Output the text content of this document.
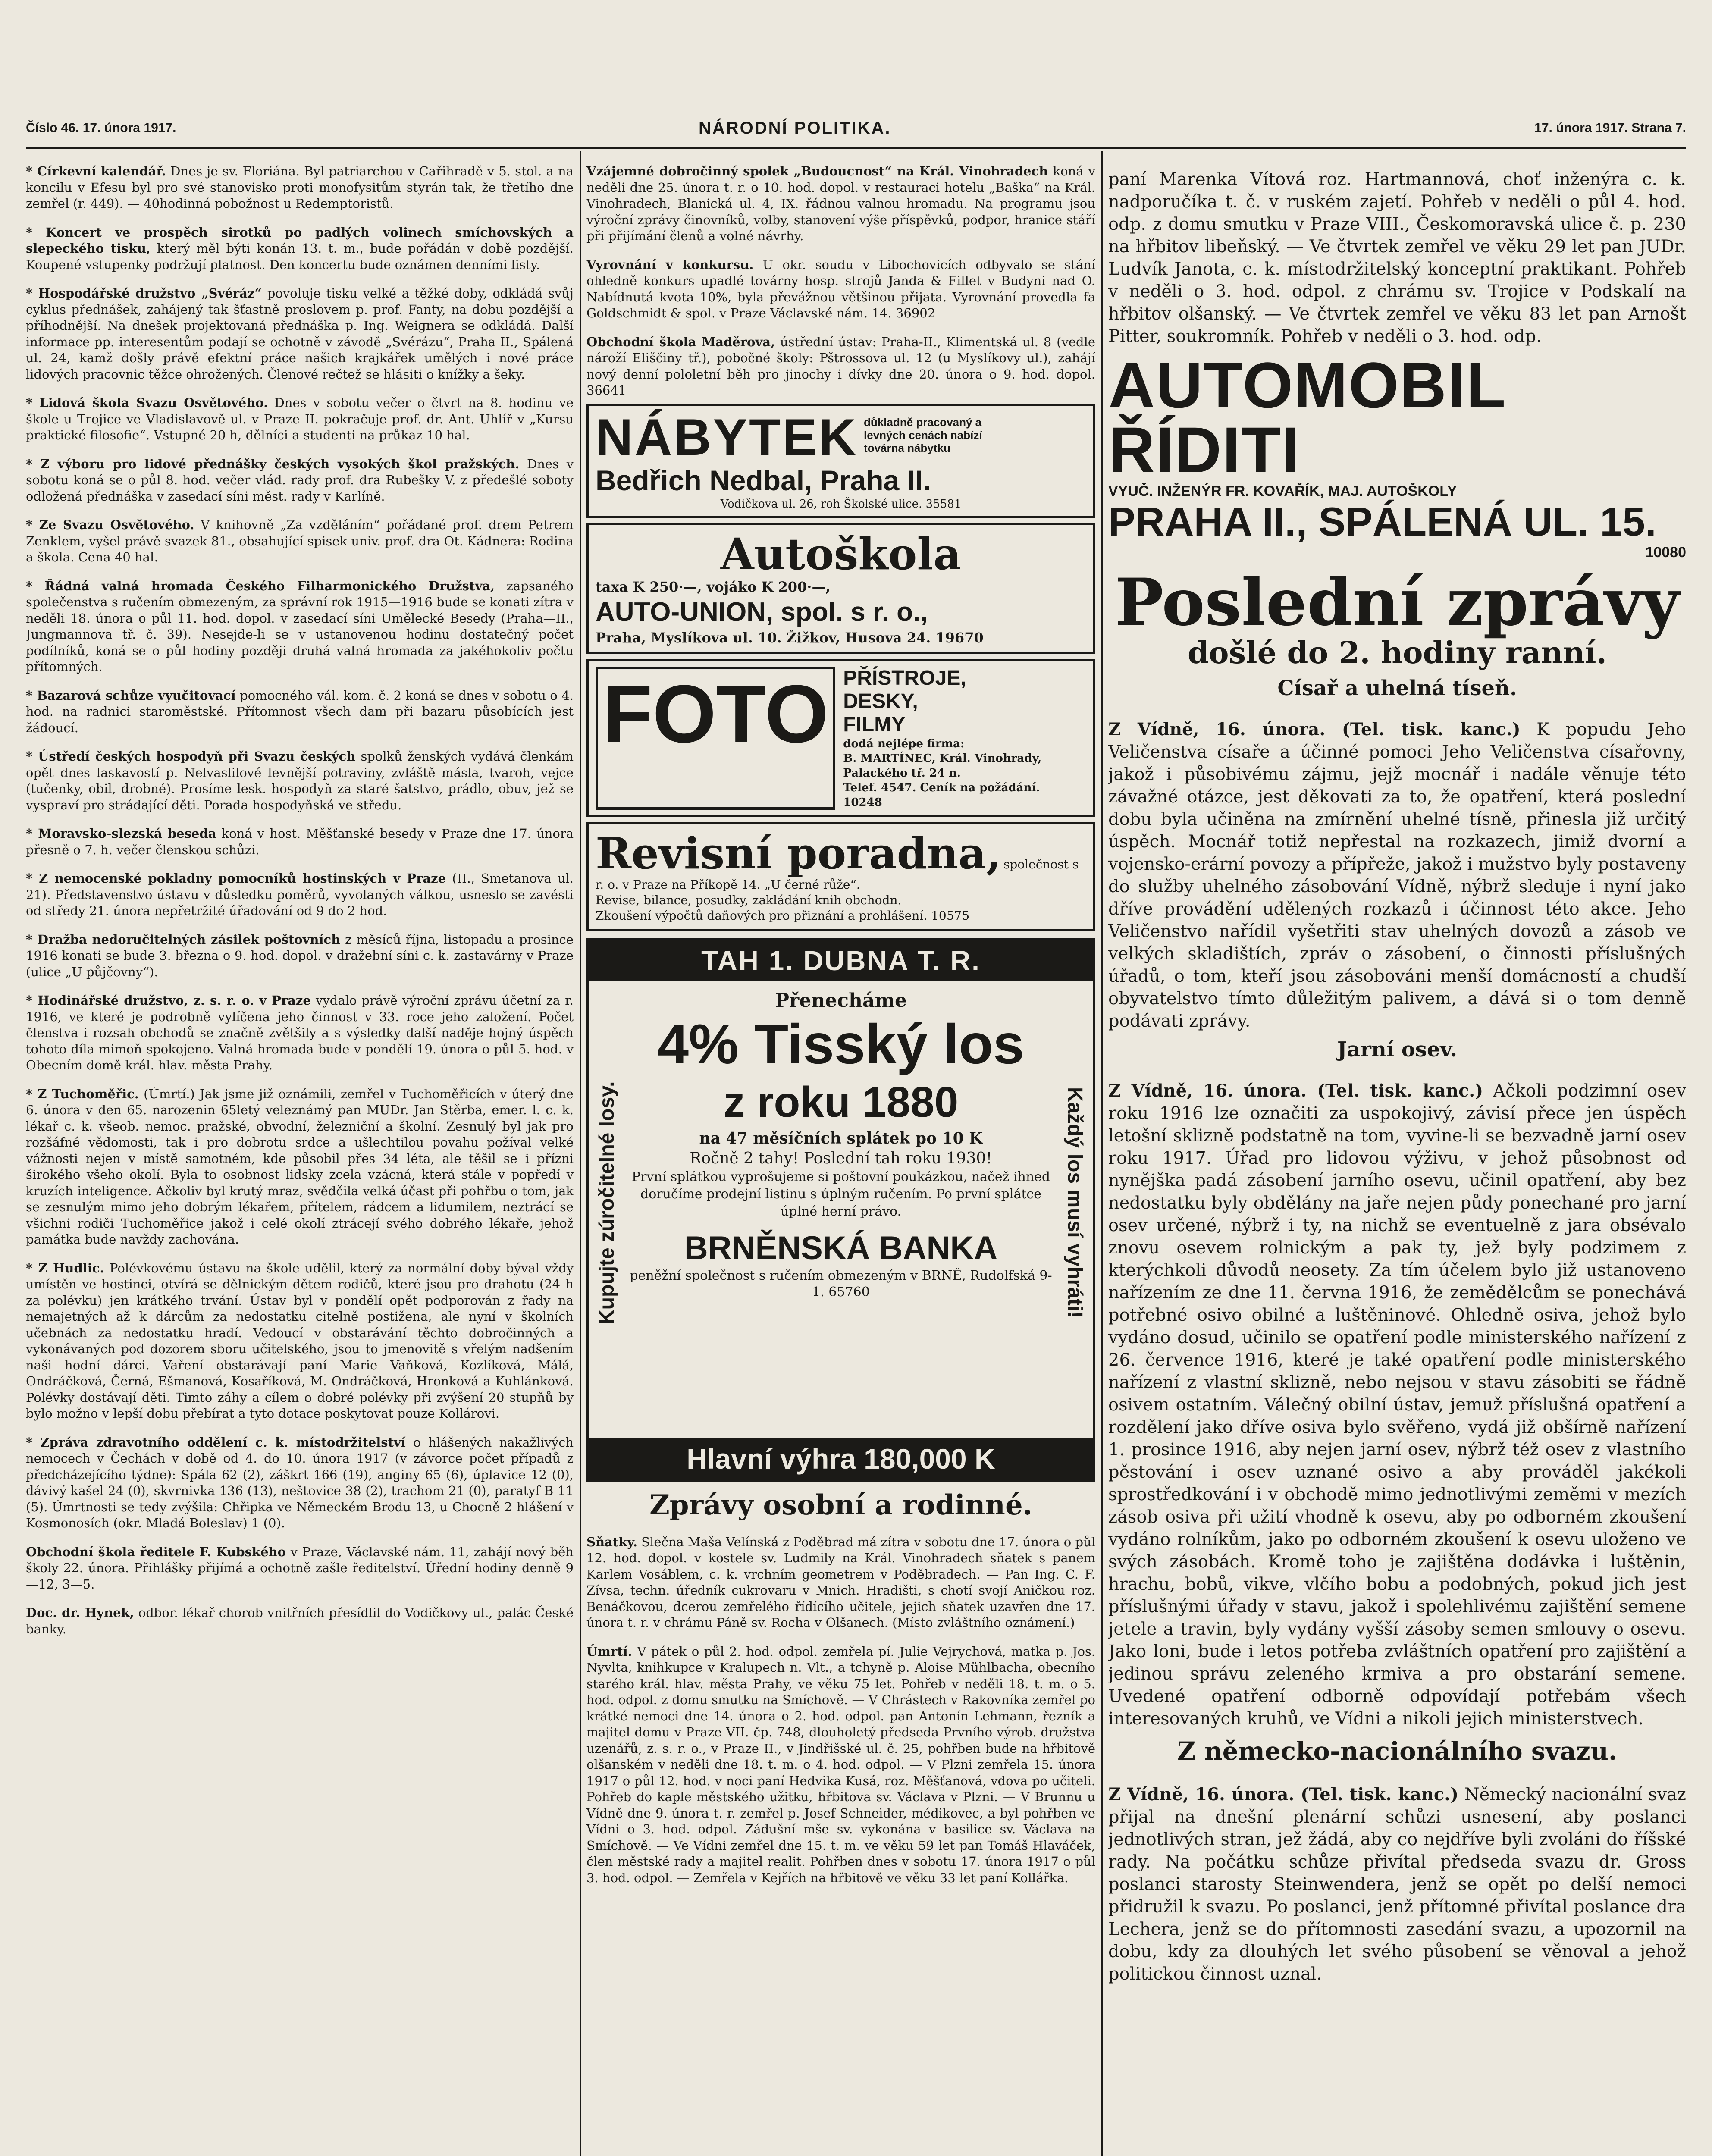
Číslo 46. 17. února 1917.	NÁRODNÍ POLITIKA.	17. února 1917. Strana 7.

* Církevní kalendář. Dnes je sv. Floriána. Byl patriarchou v Cařihradě v 5. stol. a na koncilu v Efesu byl pro své stanovisko proti monofysitům styrán tak, že třetího dne zemřel (r. 449). — 40hodinná pobožnost u Redemptoristů.

* Koncert ve prospěch sirotků po padlých volinech smíchovských a slepeckého tisku, který měl býti konán 13. t. m., bude pořádán v době pozdější. Koupené vstupenky podržují platnost. Den koncertu bude oznámen denními listy.

* Hospodářské družstvo „Svéráz“ povoluje tisku velké a těžké doby, odkládá svůj cyklus přednášek, zahájený tak šťastně proslovem p. prof. Fanty, na dobu pozdější a příhodnější. Na dnešek projektovaná přednáška p. Ing. Weignera se odkládá. Další informace pp. interesentům podají se ochotně v závodě „Svérázu“, Praha II., Spálená ul. 24, kamž došly právě efektní práce našich krajkářek umělých i nové práce lidových pracovnic těžce ohrožených. Členové rečtež se hlásiti o knížky a šeky.

* Lidová škola Svazu Osvětového. Dnes v sobotu večer o čtvrt na 8. hodinu ve škole u Trojice ve Vladislavově ul. v Praze II. pokračuje prof. dr. Ant. Uhlíř v „Kursu praktické filosofie“. Vstupné 20 h, dělníci a studenti na průkaz 10 hal.

* Z výboru pro lidové přednášky českých vysokých škol pražských. Dnes v sobotu koná se o půl 8. hod. večer vlád. rady prof. dra Rubešky V. z předešlé soboty odložená přednáška v zasedací síni měst. rady v Karlíně.

* Ze Svazu Osvětového. V knihovně „Za vzděláním“ pořádané prof. drem Petrem Zenklem, vyšel právě svazek 81., obsahující spisek univ. prof. dra Ot. Kádnera: Rodina a škola. Cena 40 hal.

* Řádná valná hromada Českého Filharmonického Družstva, zapsaného společenstva s ručením obmezeným, za správní rok 1915—1916 bude se konati zítra v neděli 18. února o půl 11. hod. dopol. v zasedací síni Umělecké Besedy (Praha—II., Jungmannova tř. č. 39). Nesejde-li se v ustanovenou hodinu dostatečný počet podílníků, koná se o půl hodiny později druhá valná hromada za jakéhokoliv počtu přítomných.

* Bazarová schůze vyučitovací pomocného vál. kom. č. 2 koná se dnes v sobotu o 4. hod. na radnici staroměstské. Přítomnost všech dam při bazaru působících jest žádoucí.

* Ústředí českých hospodyň při Svazu českých spolků ženských vydává členkám opět dnes laskavostí p. Nelvaslilové levnější potraviny, zvláště másla, tvaroh, vejce (tučenky, obil, drobné). Prosíme lesk. hospodyň za staré šatstvo, prádlo, obuv, jež se vyspraví pro strádající děti. Porada hospodyňská ve středu.

* Moravsko-slezská beseda koná v host. Měšťanské besedy v Praze dne 17. února přesně o 7. h. večer členskou schůzi.

* Z nemocenské pokladny pomocníků hostinských v Praze (II., Smetanova ul. 21). Představenstvo ústavu v důsledku poměrů, vyvolaných válkou, usneslo se zavésti od středy 21. února nepřetržité úřadování od 9 do 2 hod.

* Dražba nedoručitelných zásilek poštovních z měsíců října, listopadu a prosince 1916 konati se bude 3. března o 9. hod. dopol. v dražební síni c. k. zastavárny v Praze (ulice „U půjčovny“).

* Hodinářské družstvo, z. s. r. o. v Praze vydalo právě výroční zprávu účetní za r. 1916, ve které je podrobně vylíčena jeho činnost v 33. roce jeho založení. Počet členstva i rozsah obchodů se značně zvětšily a s výsledky další naděje hojný úspěch tohoto díla mimoň spokojeno. Valná hromada bude v pondělí 19. února o půl 5. hod. v Obecním domě král. hlav. města Prahy.

* Z Tuchoměřic. (Úmrtí.) Jak jsme již oznámili, zemřel v Tuchoměřicích v úterý dne 6. února v den 65. narozenin 65letý veleznámý pan MUDr. Jan Stěrba, emer. l. c. k. lékař c. k. všeob. nemoc. pražské, obvodní, železniční a školní. Zesnulý byl jak pro rozšáfné vědomosti, tak i pro dobrotu srdce a ušlechtilou povahu požíval velké vážnosti nejen v místě samotném, kde působil přes 34 léta, ale těšil se i přízni širokého všeho okolí. Byla to osobnost lidsky zcela vzácná, která stále v popředí v kruzích inteligence. Ačkoliv byl krutý mraz, svědčila velká účast při pohřbu o tom, jak se zesnulým mimo jeho dobrým lékařem, přítelem, rádcem a lidumilem, neztrácí se všichni rodiči Tuchoměřice jakož i celé okolí ztrácejí svého dobrého lékaře, jehož památka bude navždy zachována.

* Z Hudlic. Polévkovému ústavu na škole udělil, který za normální doby býval vždy umístěn ve hostinci, otvírá se dělnickým dětem rodičů, které jsou pro drahotu (24 h za polévku) jen krátkého trvání. Ústav byl v pondělí opět podporován z řady na nemajetných až k dárcům za nedostatku citelně postižena, ale nyní v školních učebnách za nedostatku hradí. Vedoucí v obstarávání těchto dobročinných a vykonávaných pod dozorem sboru učitelského, jsou to jmenovitě s vřelým nadšením naši hodní dárci. Vaření obstarávají paní Marie Vaňková, Kozlíková, Málá, Ondráčková, Černá, Ešmanová, Kosaříková, M. Ondráčková, Hronková a Kuhlánková. Polévky dostávají děti. Timto záhy a cílem o dobré polévky při zvýšení 20 stupňů by bylo možno v lepší dobu přebírat a tyto dotace poskytovat pouze Kollárovi.

* Zpráva zdravotního oddělení c. k. místodržitelství o hlášených nakažlivých nemocech v Čechách v době od 4. do 10. února 1917 (v závorce počet případů z předcházejícího týdne): Spála 62 (2), záškrt 166 (19), anginy 65 (6), úplavice 12 (0), dávivý kašel 24 (0), skvrnivka 136 (13), neštovice 38 (2), trachom 21 (0), paratyf B 11 (5). Úmrtnosti se tedy zvýšila: Chřipka ve Německém Brodu 13, u Chocně 2 hlášení v Kosmonosích (okr. Mladá Boleslav) 1 (0).

Obchodní škola ředitele F. Kubského v Praze, Václavské nám. 11, zahájí nový běh školy 22. února. Přihlášky přijímá a ochotně zašle ředitelství. Úřední hodiny denně 9—12, 3—5.

Doc. dr. Hynek, odbor. lékař chorob vnitřních přesídlil do Vodičkovy ul., palác České banky.

Vzájemné dobročinný spolek „Budoucnost“ na Král. Vinohradech koná v neděli dne 25. února t. r. o 10. hod. dopol. v restauraci hotelu „Baška“ na Král. Vinohradech, Blanická ul. 4, IX. řádnou valnou hromadu. Na programu jsou výroční zprávy činovníků, volby, stanovení výše příspěvků, podpor, hranice stáří při přijímání členů a volné návrhy.

Vyrovnání v konkursu. U okr. soudu v Libochovicích odbyvalo se stání ohledně konkurs upadlé továrny hosp. strojů Janda & Fillet v Budyni nad O. Nabídnutá kvota 10%, byla převážnou většinou přijata. Vyrovnání provedla fa Goldschmidt & spol. v Praze Václavské nám. 14. 36902

Obchodní škola Maděrova, ústřední ústav: Praha-II., Klimentská ul. 8 (vedle nároží Eliščiny tř.), pobočné školy: Pštrossova ul. 12 (u Myslíkovy ul.), zahájí nový denní pololetní běh pro jinochy i dívky dne 20. února o 9. hod. dopol. 36641

NÁBYTEK důkladně pracovaný a levných cenách nabízí továrna nábytku
Bedřich Nedbal, Praha II.
Vodičkova ul. 26, roh Školské ulice. 35581
Autoškola
taxa K 250·—, vojáko K 200·—,
AUTO-UNION, spol. s r. o.,
Praha, Myslíkova ul. 10. Žižkov, Husova 24. 19670
FOTO PŘÍSTROJE,
DESKY,
FILMY
dodá nejlépe firma:
B. MARTÍNEC, Král. Vinohrady,
Palackého tř. 24 n.
Telef. 4547. Ceník na požádání.
10248
Revisní poradna, společnost s r. o. v Praze na Příkopě 14. „U černé růže“.
Revise, bilance, posudky, zakládání knih obchodn.
Zkoušení výpočtů daňových pro přiznání a prohlášení. 10575
TAH 1. DUBNA T. R.
Kupujte zúročitelné losy.	Každý los musí vyhráti!
Přenecháme
4% Tisský los
z roku 1880
na 47 měsíčních splátek po 10 K
Ročně 2 tahy! Poslední tah roku 1930!
První splátkou vyprošujeme si poštovní poukázkou, načež ihned doručíme prodejní listinu s úplným ručením. Po první splátce úplné herní právo.
BRNĚNSKÁ BANKA
peněžní společnost s ručením obmezeným v BRNĚ, Rudolfská 9-1. 65760
Hlavní výhra 180,000 K
Zprávy osobní a rodinné.

Sňatky. Slečna Maša Velínská z Poděbrad má zítra v sobotu dne 17. února o půl 12. hod. dopol. v kostele sv. Ludmily na Král. Vinohradech sňatek s panem Karlem Vosáblem, c. k. vrchním geometrem v Poděbradech. — Pan Ing. C. F. Zívsa, techn. úředník cukrovaru v Mnich. Hradišti, s chotí svojí Aničkou roz. Benáčkovou, dcerou zemřelého řídícího učitele, jejich sňatek uzavřen dne 17. února t. r. v chrámu Páně sv. Rocha v Olšanech. (Místo zvláštního oznámení.)

Úmrtí. V pátek o půl 2. hod. odpol. zemřela pí. Julie Vejrychová, matka p. Jos. Nyvlta, knihkupce v Kralupech n. Vlt., a tchyně p. Aloise Mühlbacha, obecního starého král. hlav. města Prahy, ve věku 75 let. Pohřeb v neděli 18. t. m. o 5. hod. odpol. z domu smutku na Smíchově. — V Chrástech v Rakovníka zemřel po krátké nemoci dne 14. února o 2. hod. odpol. pan Antonín Lehmann, řezník a majitel domu v Praze VII. čp. 748, dlouholetý předseda Prvního výrob. družstva uzenářů, z. s. r. o., v Praze II., v Jindřišské ul. č. 25, pohřben bude na hřbitově olšanském v neděli dne 18. t. m. o 4. hod. odpol. — V Plzni zemřela 15. února 1917 o půl 12. hod. v noci paní Hedvika Kusá, roz. Měšťanová, vdova po učiteli. Pohřeb do kaple městského užitku, hřbitova sv. Václava v Plzni. — V Brunnu u Vídně dne 9. února t. r. zemřel p. Josef Schneider, médikovec, a byl pohřben ve Vídni o 3. hod. odpol. Zádušní mše sv. vykonána v basilice sv. Václava na Smíchově. — Ve Vídni zemřel dne 15. t. m. ve věku 59 let pan Tomáš Hlaváček, člen městské rady a majitel realit. Pohřben dnes v sobotu 17. února 1917 o půl 3. hod. odpol. — Zemřela v Kejřích na hřbitově ve věku 33 let paní Kollářka.

paní Marenka Vítová roz. Hartmannová, choť inženýra c. k. nadporučíka t. č. v ruském zajetí. Pohřeb v neděli o půl 4. hod. odp. z domu smutku v Praze VIII., Českomoravská ulice č. p. 230 na hřbitov libeňský. — Ve čtvrtek zemřel ve věku 29 let pan JUDr. Ludvík Janota, c. k. místodržitelský konceptní praktikant. Pohřeb v neděli o 3. hod. odpol. z chrámu sv. Trojice v Podskalí na hřbitov olšanský. — Ve čtvrtek zemřel ve věku 83 let pan Arnošt Pitter, soukromník. Pohřeb v neděli o 3. hod. odp.

AUTOMOBIL ŘÍDITI
VYUČ. INŽENÝR FR. KOVAŘÍK, MAJ. AUTOŠKOLY
PRAHA II., SPÁLENÁ UL. 15.
10080
Poslední zprávy
došlé do 2. hodiny ranní.
Císař a uhelná tíseň.

Z Vídně, 16. února. (Tel. tisk. kanc.) K popudu Jeho Veličenstva císaře a účinné pomoci Jeho Veličenstva císařovny, jakož i působivému zájmu, jejž mocnář i nadále věnuje této závažné otázce, jest děkovati za to, že opatření, která poslední dobu byla učiněna na zmírnění uhelné tísně, přinesla již určitý úspěch. Mocnář totiž nepřestal na rozkazech, jimiž dvorní a vojensko-erární povozy a přípřeže, jakož i mužstvo byly postaveny do služby uhelného zásobování Vídně, nýbrž sleduje i nyní jako dříve provádění udělených rozkazů i účinnost této akce. Jeho Veličenstvo nařídil vyšetřiti stav uhelných dovozů a zásob ve velkých skladištích, zpráv o zásobení, o činnosti příslušných úřadů, o tom, kteří jsou zásobováni menší domácností a chudší obyvatelstvo tímto důležitým palivem, a dává si o tom denně podávati zprávy.

Jarní osev.

Z Vídně, 16. února. (Tel. tisk. kanc.) Ačkoli podzimní osev roku 1916 lze označiti za uspokojivý, závisí přece jen úspěch letošní sklizně podstatně na tom, vyvine-li se bezvadně jarní osev roku 1917. Úřad pro lidovou výživu, v jehož působnost od nynějška padá zásobení jarního osevu, učinil opatření, aby bez nedostatku byly obdělány na jaře nejen půdy ponechané pro jarní osev určené, nýbrž i ty, na nichž se eventuelně z jara obsévalo znovu osevem rolnickým a pak ty, jež byly podzimem z kterýchkoli důvodů neosety. Za tím účelem bylo již ustanoveno nařízením ze dne 11. června 1916, že zemědělcům se ponechává potřebné osivo obilné a luštěninové. Ohledně osiva, jehož bylo vydáno dosud, učinilo se opatření podle ministerského nařízení z 26. července 1916, které je také opatření podle ministerského nařízení z vlastní sklizně, nebo nejsou v stavu zásobiti se řádně osivem ostatním. Válečný obilní ústav, jemuž příslušná opatření a rozdělení jako dříve osiva bylo svěřeno, vydá již obšírně nařízení 1. prosince 1916, aby nejen jarní osev, nýbrž též osev z vlastního pěstování i osev uznané osivo a aby prováděl jakékoli sprostředkování i v obchodě mimo jednotlivými zeměmi v mezích zásob osiva při užití vhodně k osevu, aby po odborném zkoušení vydáno rolníkům, jako po odborném zkoušení k osevu uloženo ve svých zásobách. Kromě toho je zajištěna dodávka i luštěnin, hrachu, bobů, vikve, vlčího bobu a podobných, pokud jich jest příslušnými úřady v stavu, jakož i spolehlivému zajištění semene jetele a travin, byly vydány vyšší zásoby semen smlouvy o osevu. Jako loni, bude i letos potřeba zvláštních opatření pro zajištění a jedinou správu zeleného krmiva a pro obstarání semene. Uvedené opatření odborně odpovídají potřebám všech interesovaných kruhů, ve Vídni a nikoli jejich ministerstvech.

Z německo-nacionálního svazu.

Z Vídně, 16. února. (Tel. tisk. kanc.) Německý nacionální svaz přijal na dnešní plenární schůzi usnesení, aby poslanci jednotlivých stran, jež žádá, aby co nejdříve byli zvoláni do říšské rady. Na počátku schůze přivítal předseda svazu dr. Gross poslanci starosty Steinwendera, jenž se opět po delší nemoci přidružil k svazu. Po poslanci, jenž přítomné přivítal poslance dra Lechera, jenž se do přítomnosti zasedání svazu, a upozornil na dobu, kdy za dlouhých let svého působení se věnoval a jehož politickou činnost uznal.
